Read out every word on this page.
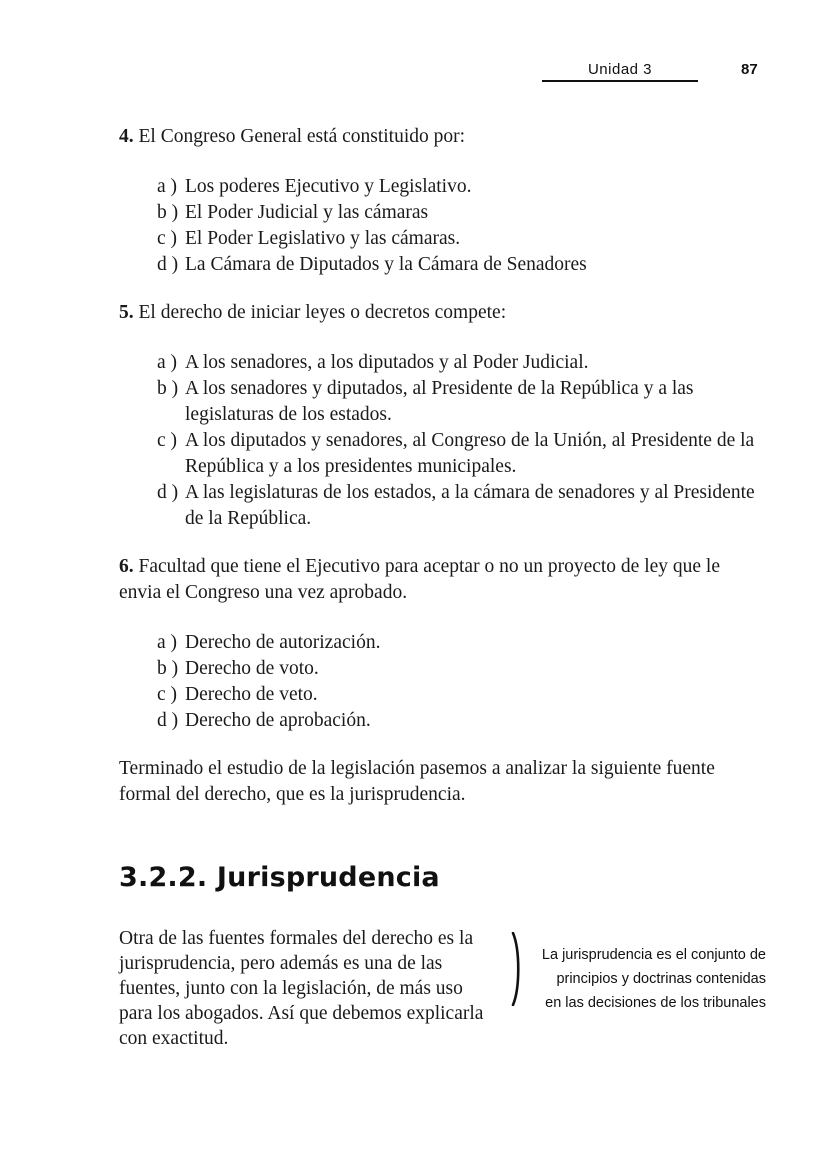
Unidad 3	87

4. El Congreso General está constituido por:

a ) Los poderes Ejecutivo y Legislativo.
b ) El Poder Judicial y las cámaras
c ) El Poder Legislativo y las cámaras.
d ) La Cámara de Diputados y la Cámara de Senadores

5. El derecho de iniciar leyes o decretos compete:

a ) A los senadores, a los diputados y al Poder Judicial.
b ) A los senadores y diputados, al Presidente de la República y a las legislaturas de los estados.
c ) A los diputados y senadores, al Congreso de la Unión, al Presidente de la República y a los presidentes municipales.
d ) A las legislaturas de los estados, a la cámara de senadores y al Presidente de la República.

6. Facultad que tiene el Ejecutivo para aceptar o no un proyecto de ley que le envia el Congreso una vez aprobado.

a ) Derecho de autorización.
b ) Derecho de voto.
c ) Derecho de veto.
d ) Derecho de aprobación.

Terminado el estudio de la legislación pasemos a analizar la siguiente fuente formal del derecho, que es la jurisprudencia.

3.2.2. Jurisprudencia

Otra de las fuentes formales del derecho es la jurisprudencia, pero además es una de las fuentes, junto con la legislación, de más uso para los abogados. Así que debemos explicarla con exactitud.

La jurisprudencia es el conjunto de principios y doctrinas contenidas en las decisiones de los tribunales
